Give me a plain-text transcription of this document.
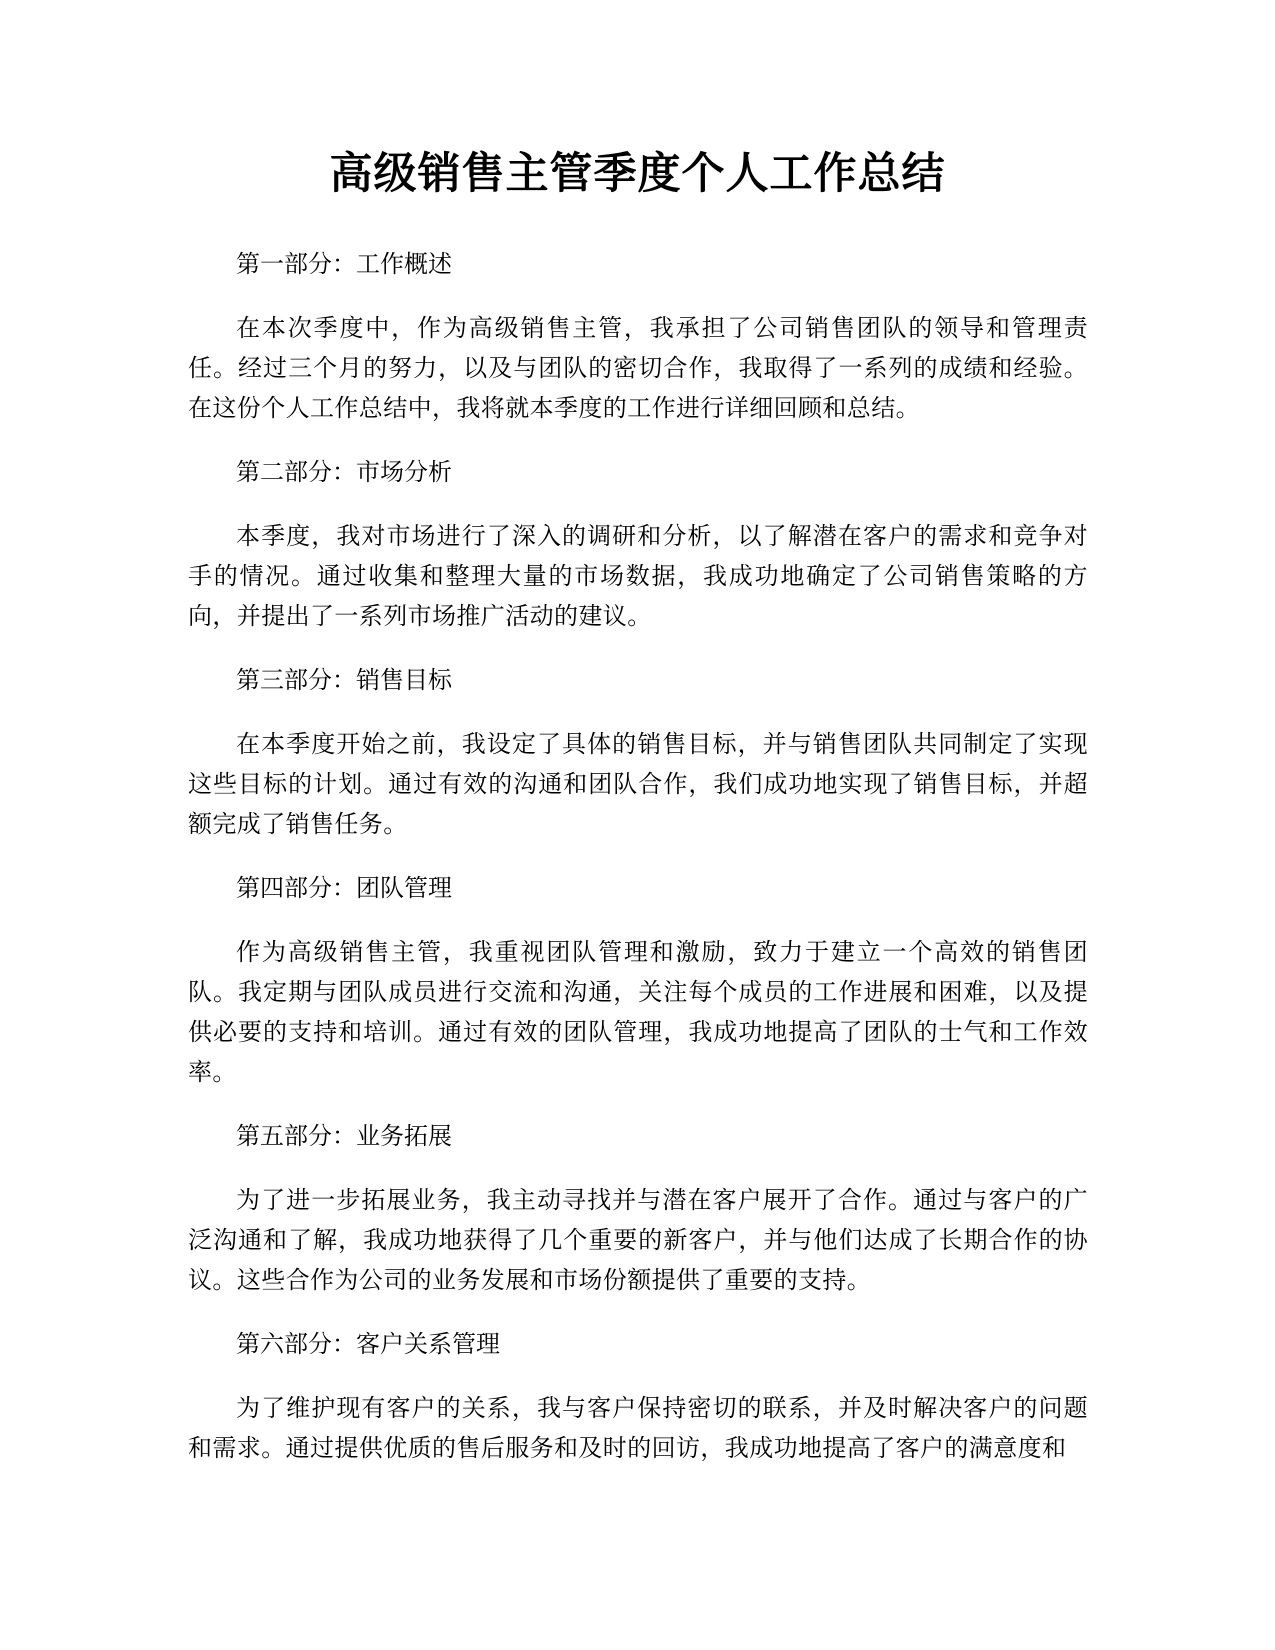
高级销售主管季度个人工作总结

第一部分：工作概述

在本次季度中，作为高级销售主管，我承担了公司销售团队的领导和管理责任。经过三个月的努力，以及与团队的密切合作，我取得了一系列的成绩和经验。在这份个人工作总结中，我将就本季度的工作进行详细回顾和总结。

第二部分：市场分析

本季度，我对市场进行了深入的调研和分析，以了解潜在客户的需求和竞争对手的情况。通过收集和整理大量的市场数据，我成功地确定了公司销售策略的方向，并提出了一系列市场推广活动的建议。

第三部分：销售目标

在本季度开始之前，我设定了具体的销售目标，并与销售团队共同制定了实现这些目标的计划。通过有效的沟通和团队合作，我们成功地实现了销售目标，并超额完成了销售任务。

第四部分：团队管理

作为高级销售主管，我重视团队管理和激励，致力于建立一个高效的销售团队。我定期与团队成员进行交流和沟通，关注每个成员的工作进展和困难，以及提供必要的支持和培训。通过有效的团队管理，我成功地提高了团队的士气和工作效率。

第五部分：业务拓展

为了进一步拓展业务，我主动寻找并与潜在客户展开了合作。通过与客户的广泛沟通和了解，我成功地获得了几个重要的新客户，并与他们达成了长期合作的协议。这些合作为公司的业务发展和市场份额提供了重要的支持。

第六部分：客户关系管理

为了维护现有客户的关系，我与客户保持密切的联系，并及时解决客户的问题和需求。通过提供优质的售后服务和及时的回访，我成功地提高了客户的满意度和
